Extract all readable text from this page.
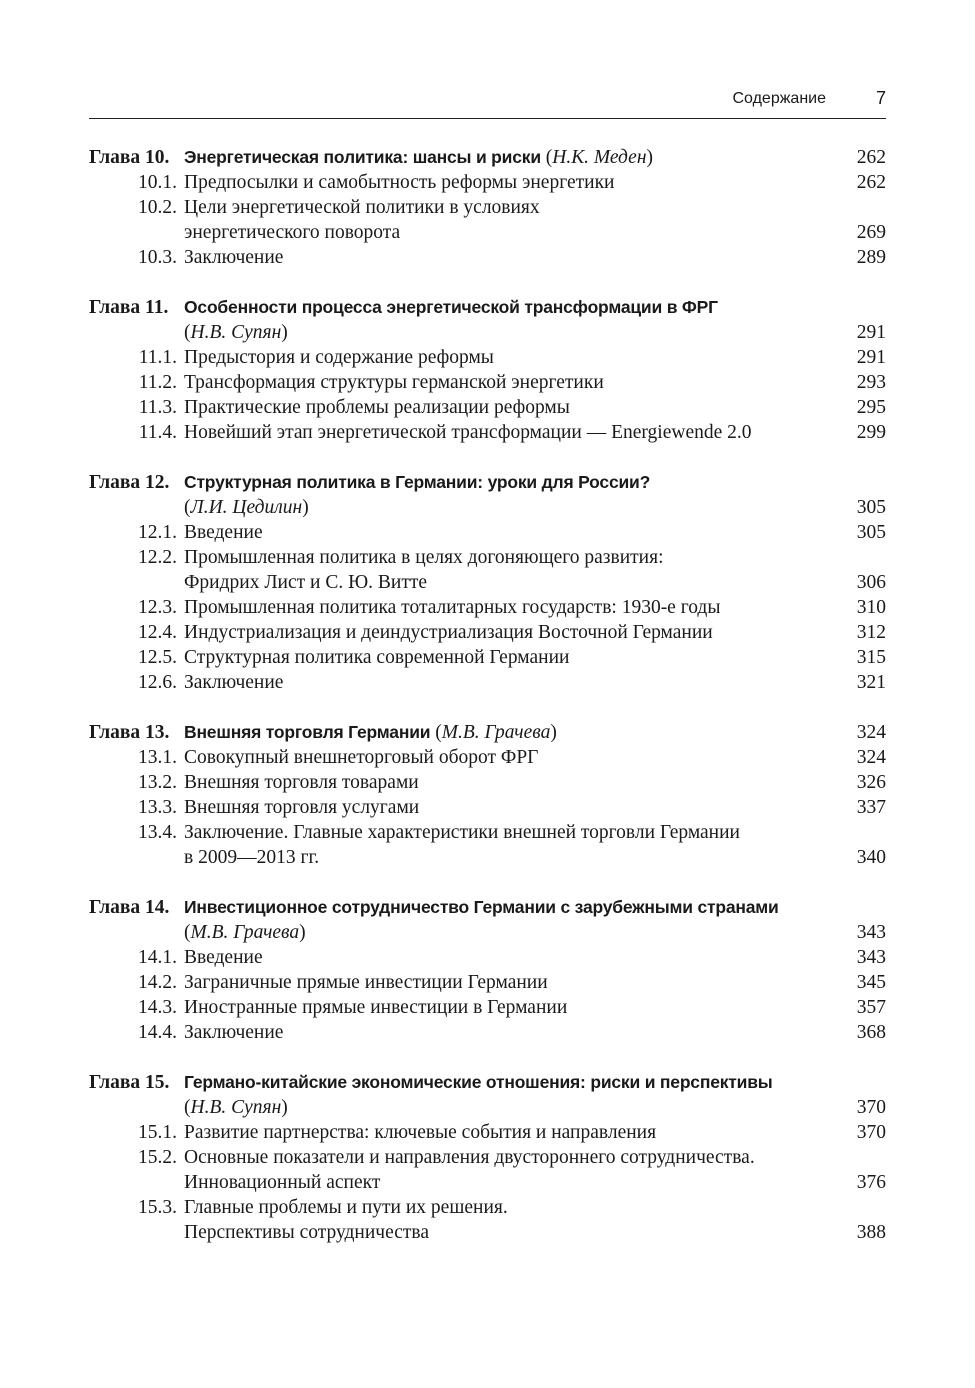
Содержание	7
Глава 10. Энергетическая политика: шансы и риски (Н.К. Меден)	262
10.1. Предпосылки и самобытность реформы энергетики	262
10.2. Цели энергетической политики в условиях
энергетического поворота	269
10.3. Заключение	289
Глава 11. Особенности процесса энергетической трансформации в ФРГ
(Н.В. Супян)	291
11.1. Предыстория и содержание реформы	291
11.2. Трансформация структуры германской энергетики	293
11.3. Практические проблемы реализации реформы	295
11.4. Новейший этап энергетической трансформации — Energiewende 2.0	299
Глава 12. Структурная политика в Германии: уроки для России?
(Л.И. Цедилин)	305
12.1. Введение	305
12.2. Промышленная политика в целях догоняющего развития:
Фридрих Лист и С. Ю. Витте	306
12.3. Промышленная политика тоталитарных государств: 1930-е годы	310
12.4. Индустриализация и деиндустриализация Восточной Германии	312
12.5. Структурная политика современной Германии	315
12.6. Заключение	321
Глава 13. Внешняя торговля Германии (М.В. Грачева)	324
13.1. Совокупный внешнеторговый оборот ФРГ	324
13.2. Внешняя торговля товарами	326
13.3. Внешняя торговля услугами	337
13.4. Заключение. Главные характеристики внешней торговли Германии
в 2009—2013 гг.	340
Глава 14. Инвестиционное сотрудничество Германии с зарубежными странами
(М.В. Грачева)	343
14.1. Введение	343
14.2. Заграничные прямые инвестиции Германии	345
14.3. Иностранные прямые инвестиции в Германии	357
14.4. Заключение	368
Глава 15. Германо-китайские экономические отношения: риски и перспективы
(Н.В. Супян)	370
15.1. Развитие партнерства: ключевые события и направления	370
15.2. Основные показатели и направления двустороннего сотрудничества.
Инновационный аспект	376
15.3. Главные проблемы и пути их решения.
Перспективы сотрудничества	388
